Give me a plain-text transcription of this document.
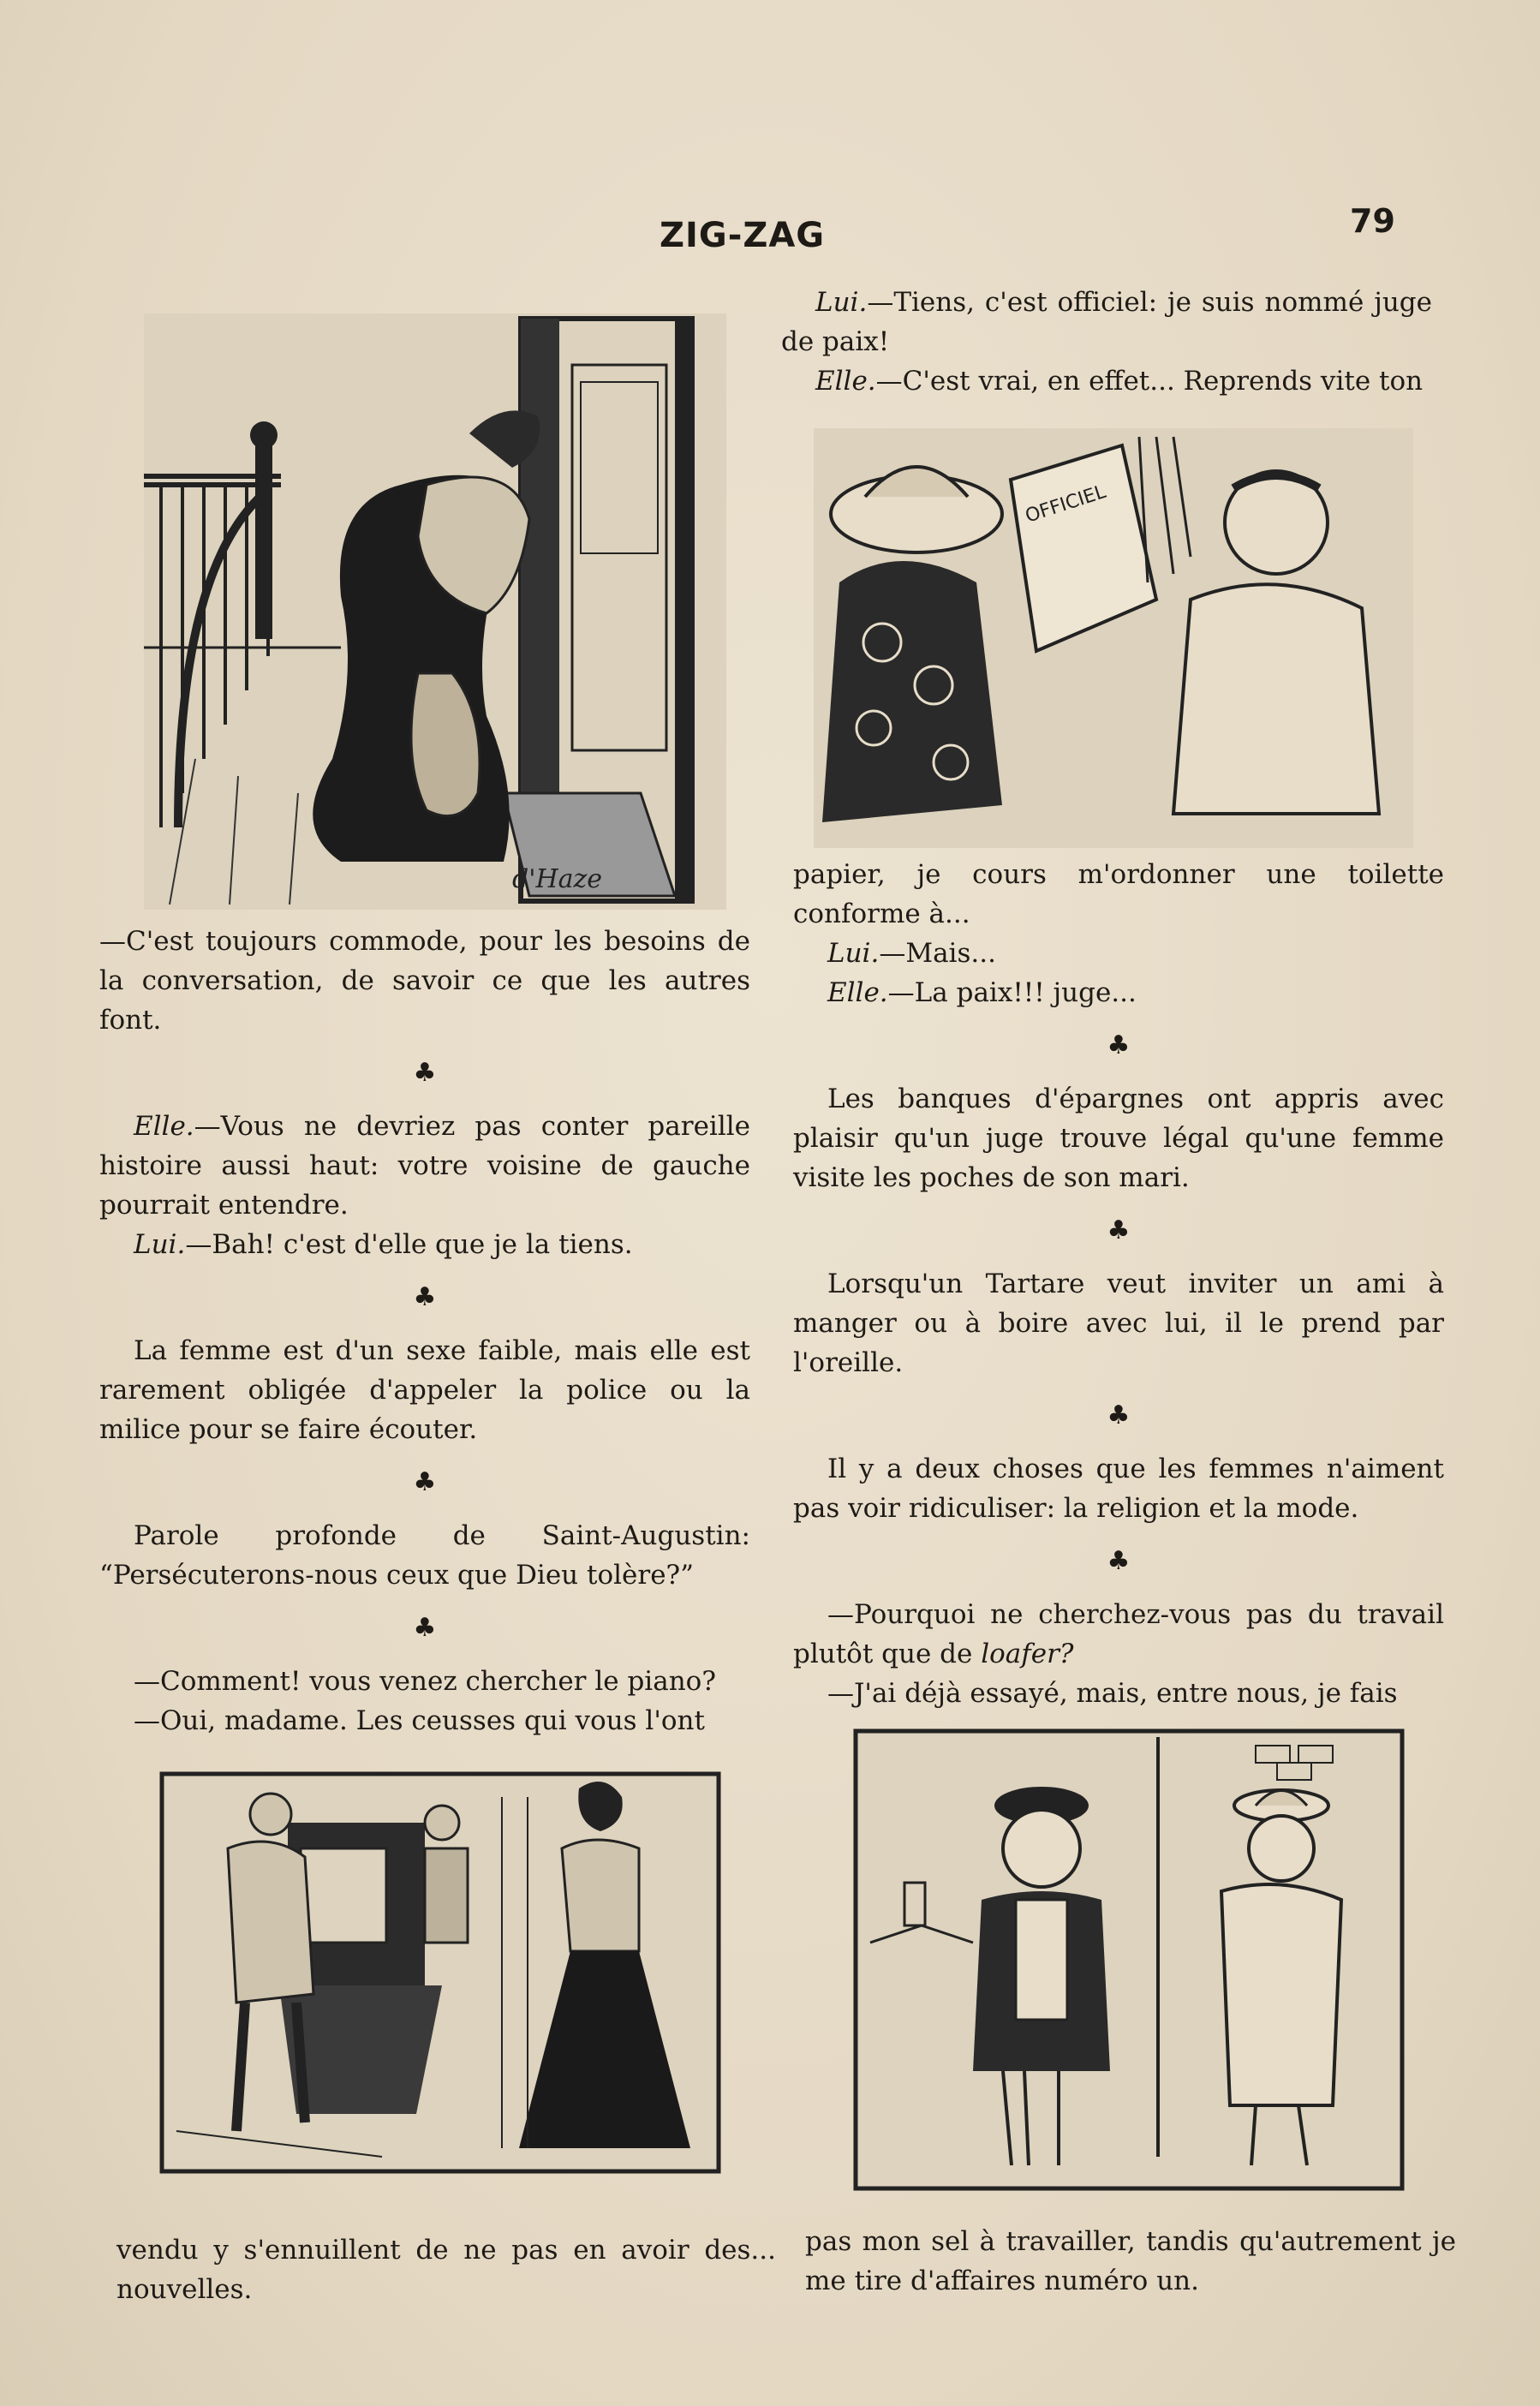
ZIG-ZAG	79
d'Haze

—C'est toujours commode, pour les besoins de la conversation, de savoir ce que les autres font.

♣

Elle.—Vous ne devriez pas conter pareille histoire aussi haut: votre voisine de gauche pourrait entendre.

Lui.—Bah! c'est d'elle que je la tiens.

♣

La femme est d'un sexe faible, mais elle est rarement obligée d'appeler la police ou la milice pour se faire écouter.

♣

Parole profonde de Saint-Augustin: “Persécuterons-nous ceux que Dieu tolère?”

♣

—Comment! vous venez chercher le piano?

—Oui, madame. Les ceusses qui vous l'ont

vendu y s'ennuillent de ne pas en avoir des... nouvelles.

Lui.—Tiens, c'est officiel: je suis nommé juge de paix!

Elle.—C'est vrai, en effet... Reprends vite ton

OFFICIEL

papier, je cours m'ordonner une toilette conforme à...

Lui.—Mais...

Elle.—La paix!!! juge...

♣

Les banques d'épargnes ont appris avec plaisir qu'un juge trouve légal qu'une femme visite les poches de son mari.

♣

Lorsqu'un Tartare veut inviter un ami à manger ou à boire avec lui, il le prend par l'oreille.

♣

Il y a deux choses que les femmes n'aiment pas voir ridiculiser: la religion et la mode.

♣

—Pourquoi ne cherchez-vous pas du travail plutôt que de loafer?

—J'ai déjà essayé, mais, entre nous, je fais

pas mon sel à travailler, tandis qu'autrement je me tire d'affaires numéro un.
